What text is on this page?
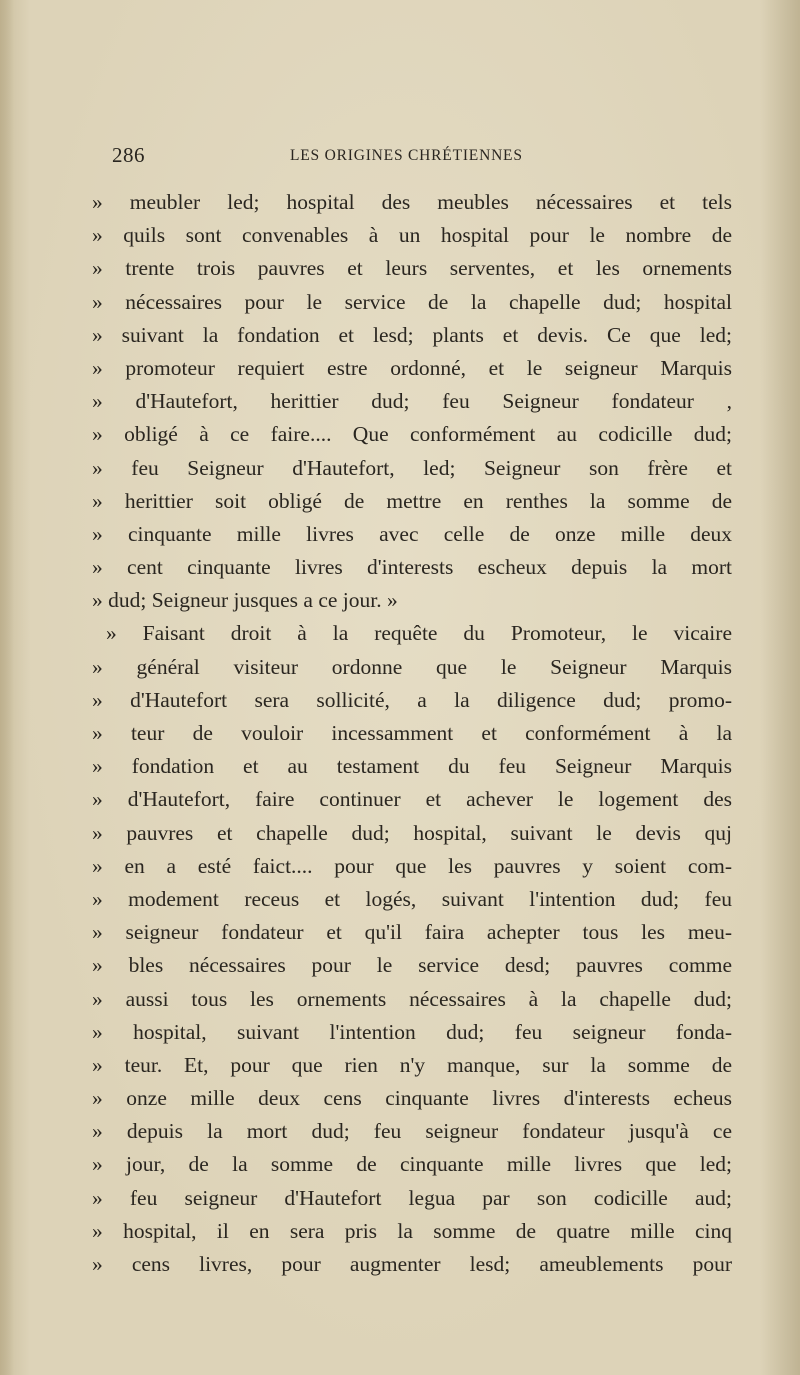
286	LES ORIGINES CHRÉTIENNES
» meubler led; hospital des meubles nécessaires et tels
» quils sont convenables à un hospital pour le nombre de
» trente trois pauvres et leurs serventes, et les ornements
» nécessaires pour le service de la chapelle dud; hospital
» suivant la fondation et lesd; plants et devis. Ce que led;
» promoteur requiert estre ordonné, et le seigneur Marquis
» d'Hautefort, herittier dud; feu Seigneur fondateur ,
» obligé à ce faire.... Que conformément au codicille dud;
» feu Seigneur d'Hautefort, led; Seigneur son frère et
» herittier soit obligé de mettre en renthes la somme de
» cinquante mille livres avec celle de onze mille deux
» cent cinquante livres d'interests escheux depuis la mort
» dud; Seigneur jusques a ce jour. »
» Faisant droit à la requête du Promoteur, le vicaire
» général visiteur ordonne que le Seigneur Marquis
» d'Hautefort sera sollicité, a la diligence dud; promo-
» teur de vouloir incessamment et conformément à la
» fondation et au testament du feu Seigneur Marquis
» d'Hautefort, faire continuer et achever le logement des
» pauvres et chapelle dud; hospital, suivant le devis quj
» en a esté faict.... pour que les pauvres y soient com-
» modement receus et logés, suivant l'intention dud; feu
» seigneur fondateur et qu'il faira achepter tous les meu-
» bles nécessaires pour le service desd; pauvres comme
» aussi tous les ornements nécessaires à la chapelle dud;
» hospital, suivant l'intention dud; feu seigneur fonda-
» teur. Et, pour que rien n'y manque, sur la somme de
» onze mille deux cens cinquante livres d'interests echeus
» depuis la mort dud; feu seigneur fondateur jusqu'à ce
» jour, de la somme de cinquante mille livres que led;
» feu seigneur d'Hautefort legua par son codicille aud;
» hospital, il en sera pris la somme de quatre mille cinq
» cens livres, pour augmenter lesd; ameublements pour
